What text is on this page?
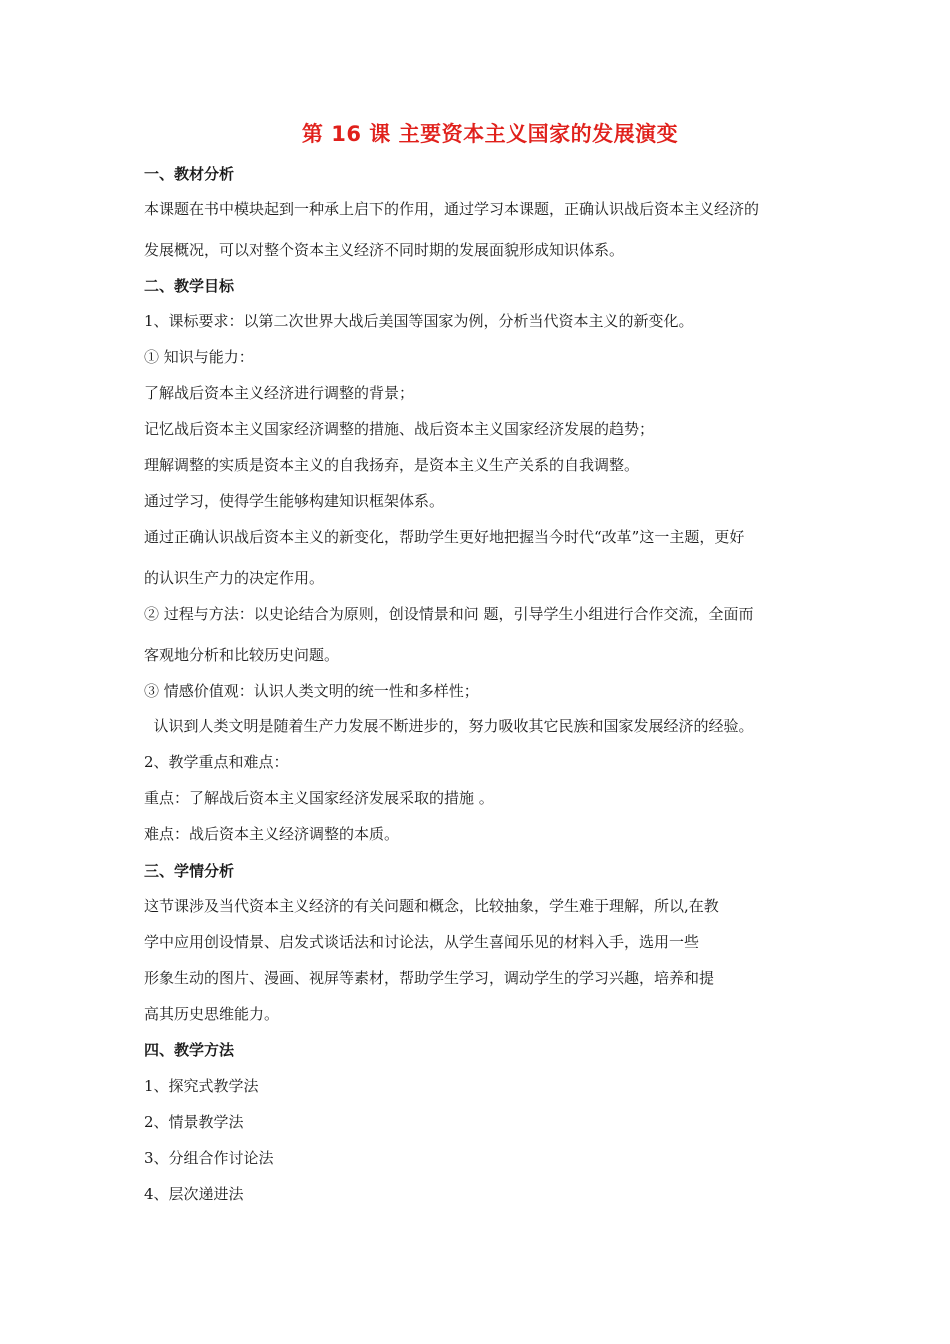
第 16 课 主要资本主义国家的发展演变
一、教材分析
本课题在书中模块起到一种承上启下的作用，通过学习本课题，正确认识战后资本主义经济的
发展概况，可以对整个资本主义经济不同时期的发展面貌形成知识体系。
二、教学目标
1、课标要求：以第二次世界大战后美国等国家为例，分析当代资本主义的新变化。
① 知识与能力：
了解战后资本主义经济进行调整的背景；
记忆战后资本主义国家经济调整的措施、战后资本主义国家经济发展的趋势；
理解调整的实质是资本主义的自我扬弃，是资本主义生产关系的自我调整。
通过学习，使得学生能够构建知识框架体系。
通过正确认识战后资本主义的新变化，帮助学生更好地把握当今时代“改革”这一主题，更好
的认识生产力的决定作用。
② 过程与方法：以史论结合为原则，创设情景和问 题，引导学生小组进行合作交流，全面而
客观地分析和比较历史问题。
③ 情感价值观：认识人类文明的统一性和多样性；
认识到人类文明是随着生产力发展不断进步的，努力吸收其它民族和国家发展经济的经验。
2、教学重点和难点：
重点：了解战后资本主义国家经济发展采取的措施 。
难点：战后资本主义经济调整的本质。
三、学情分析
这节课涉及当代资本主义经济的有关问题和概念，比较抽象，学生难于理解，所以,在教
学中应用创设情景、启发式谈话法和讨论法，从学生喜闻乐见的材料入手，选用一些
形象生动的图片、漫画、视屏等素材，帮助学生学习，调动学生的学习兴趣，培养和提
高其历史思维能力。
四、教学方法
1、探究式教学法
2、情景教学法
3、分组合作讨论法
4、层次递进法
